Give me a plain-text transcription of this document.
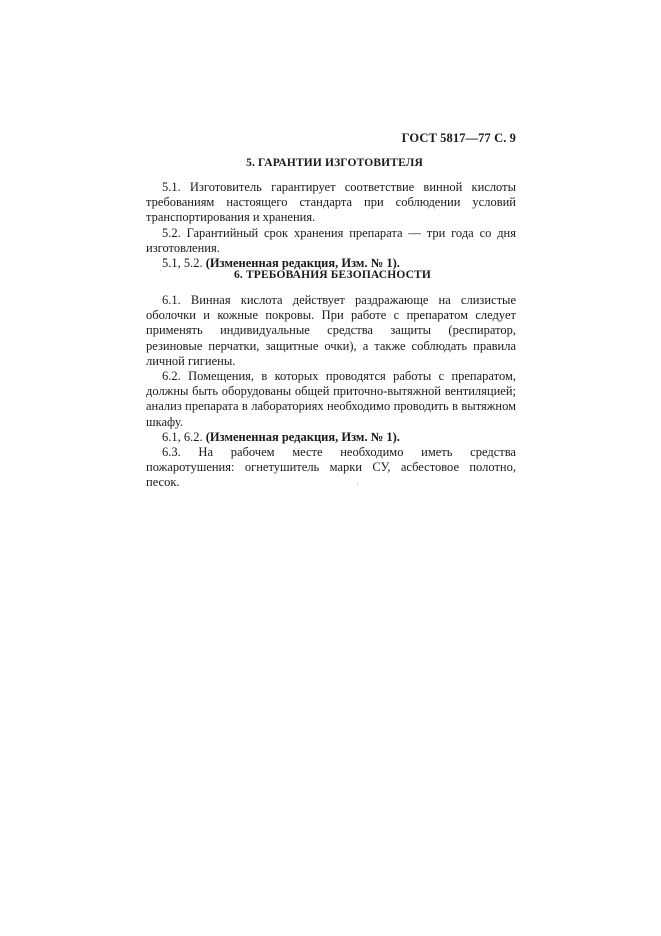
ГОСТ 5817—77 С. 9
5. ГАРАНТИИ ИЗГОТОВИТЕЛЯ

5.1. Изготовитель гарантирует соответствие винной кислоты требованиям настоящего стандарта при соблюдении условий транспортирования и хранения.

5.2. Гарантийный срок хранения препарата — три года со дня изготовления.

5.1, 5.2. (Измененная редакция, Изм. № 1).

6. ТРЕБОВАНИЯ БЕЗОПАСНОСТИ

6.1. Винная кислота действует раздражающе на слизистые оболочки и кожные покровы. При работе с препаратом следует применять индивидуальные средства защиты (респиратор, резиновые перчатки, защитные очки), а также соблюдать правила личной гигиены.

6.2. Помещения, в которых проводятся работы с препаратом, должны быть оборудованы общей приточно-вытяжной вентиляцией; анализ препарата в лабораториях необходимо проводить в вытяжном шкафу.

6.1, 6.2. (Измененная редакция, Изм. № 1).

6.3. На рабочем месте необходимо иметь средства пожаротушения: огнетушитель марки СУ, асбестовое полотно, песок.
